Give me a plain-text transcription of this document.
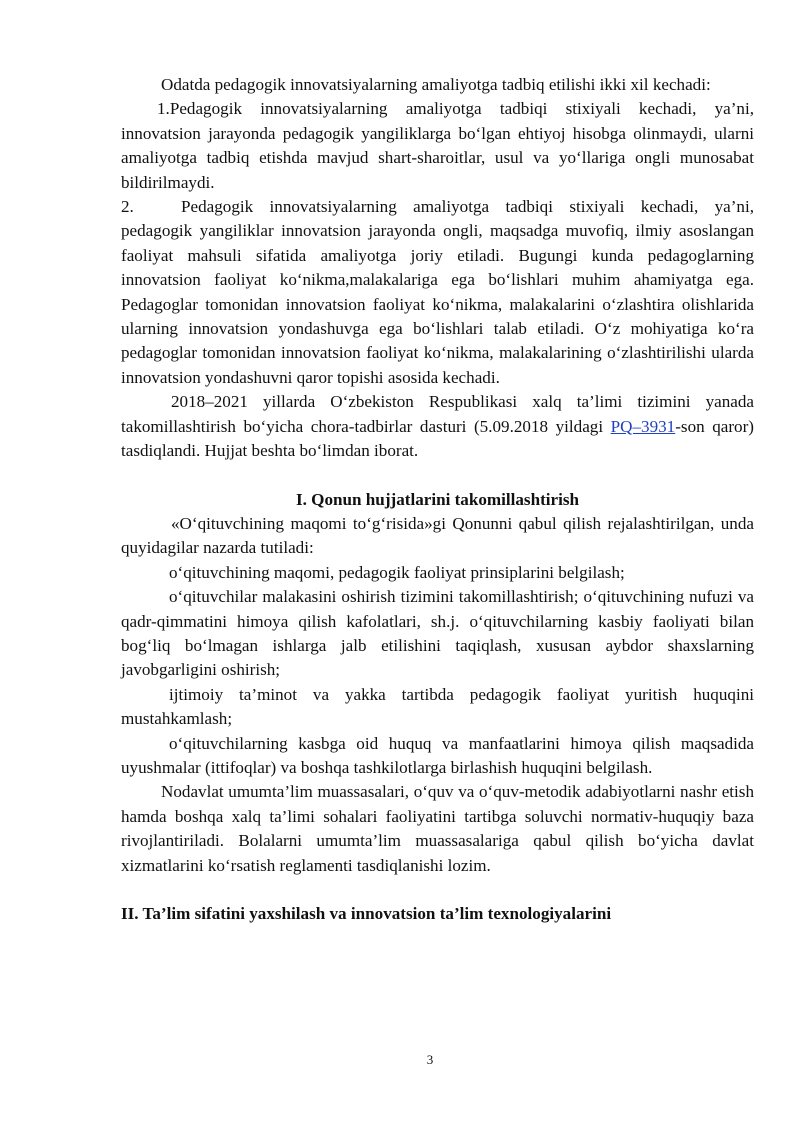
Odatda pedagogik innovatsiyalarning amaliyotga tadbiq etilishi ikki xil kechadi:

1.Pedagogik innovatsiyalarning amaliyotga tadbiqi stixiyali kechadi, ya’ni, innovatsion jarayonda pedagogik yangiliklarga bo‘lgan ehtiyoj hisobga olinmaydi, ularni amaliyotga tadbiq etishda mavjud shart-sharoitlar, usul va yo‘llariga ongli munosabat bildirilmaydi.

2.	Pedagogik innovatsiyalarning amaliyotga tadbiqi stixiyali kechadi, ya’ni, pedagogik yangiliklar innovatsion jarayonda ongli, maqsadga muvofiq, ilmiy asoslangan faoliyat mahsuli sifatida amaliyotga joriy etiladi. Bugungi kunda pedagoglarning innovatsion faoliyat ko‘nikma,malakalariga ega bo‘lishlari muhim ahamiyatga ega. Pedagoglar tomonidan innovatsion faoliyat ko‘nikma, malakalarini o‘zlashtira olishlarida ularning innovatsion yondashuvga ega bo‘lishlari talab etiladi. O‘z mohiyatiga ko‘ra pedagoglar tomonidan innovatsion faoliyat ko‘nikma, malakalarining o‘zlashtirilishi ularda innovatsion yondashuvni qaror topishi asosida kechadi.

2018–2021 yillarda O‘zbekiston Respublikasi xalq ta’limi tizimini yanada takomillashtirish bo‘yicha chora-tadbirlar dasturi (5.09.2018 yildagi PQ–3931-son qaror) tasdiqlandi. Hujjat beshta bo‘limdan iborat.

I. Qonun hujjatlarini takomillashtirish

«O‘qituvchining maqomi to‘g‘risida»gi Qonunni qabul qilish rejalashtirilgan, unda quyidagilar nazarda tutiladi:

o‘qituvchining maqomi, pedagogik faoliyat prinsiplarini belgilash;

o‘qituvchilar malakasini oshirish tizimini takomillashtirish; o‘qituvchining nufuzi va qadr-qimmatini himoya qilish kafolatlari, sh.j. o‘qituvchilarning kasbiy faoliyati bilan bog‘liq bo‘lmagan ishlarga jalb etilishini taqiqlash, xususan aybdor shaxslarning javobgarligini oshirish;

ijtimoiy ta’minot va yakka tartibda pedagogik faoliyat yuritish huquqini mustahkamlash;

o‘qituvchilarning kasbga oid huquq va manfaatlarini himoya qilish maqsadida uyushmalar (ittifoqlar) va boshqa tashkilotlarga birlashish huquqini belgilash.

Nodavlat umumta’lim muassasalari, o‘quv va o‘quv-metodik adabiyotlarni nashr etish hamda boshqa xalq ta’limi sohalari faoliyatini tartibga soluvchi normativ-huquqiy baza rivojlantiriladi. Bolalarni umumta’lim muassasalariga qabul qilish bo‘yicha davlat xizmatlarini ko‘rsatish reglamenti tasdiqlanishi lozim.

II. Ta’lim sifatini yaxshilash va innovatsion ta’lim texnologiyalarini

3
